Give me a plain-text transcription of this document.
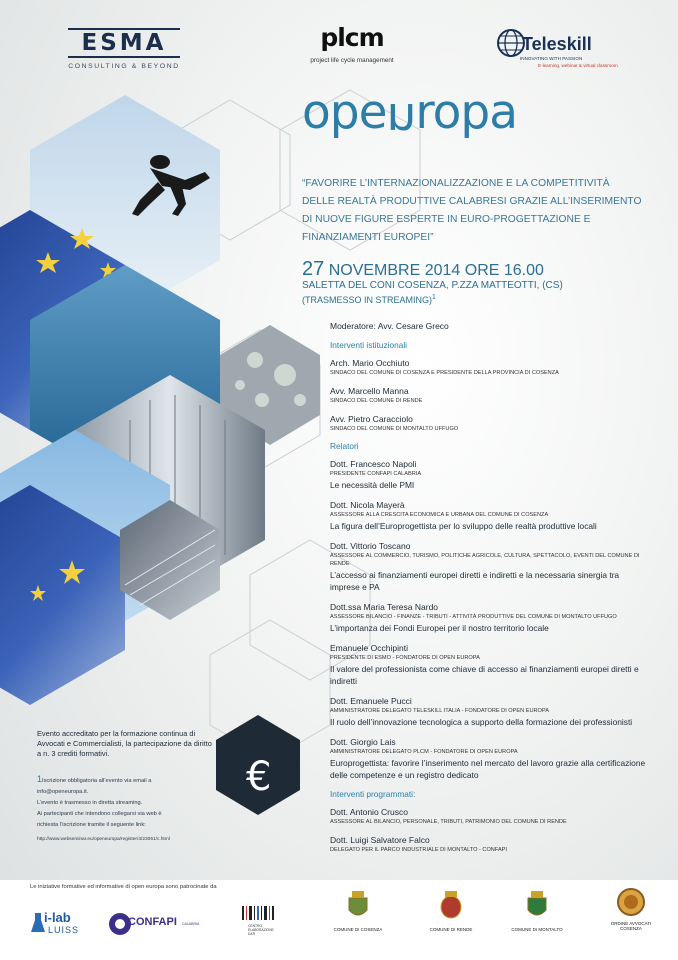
€
ESMA
CONSULTING & BEYOND
plcm
project life cycle management
Teleskill
INNOVATING WITH PASSION
E-learning, webinar & virtual classroom
openropa
“FAVORIRE L’INTERNAZIONALIZZAZIONE E LA COMPETITIVITÀ DELLE REALTÀ PRODUTTIVE CALABRESI GRAZIE ALL’INSERIMENTO DI NUOVE FIGURE ESPERTE IN EURO-PROGETTAZIONE E FINANZIAMENTI EUROPEI”
27 NOVEMBRE 2014 ORE 16.00
SALETTA DEL CONI COSENZA, P.ZZA MATTEOTTI, (CS)
(TRASMESSO IN STREAMING)$^1$
Moderatore: Avv. Cesare Greco
Interventi istituzionali
Arch. Mario Occhiuto
SINDACO DEL COMUNE DI COSENZA E PRESIDENTE DELLA PROVINCIA DI COSENZA
Avv. Marcello Manna
SINDACO DEL COMUNE DI RENDE
Avv. Pietro Caracciolo
SINDACO DEL COMUNE DI MONTALTO UFFUGO
Relatori
Dott. Francesco Napoli
PRESIDENTE CONFAPI CALABRIA
Le necessità delle PMI
Dott. Nicola Mayerà
ASSESSORE ALLA CRESCITA ECONOMICA E URBANA DEL COMUNE DI COSENZA
La figura dell’Europrogettista per lo sviluppo delle realtà produttive locali
Dott. Vittorio Toscano
ASSESSORE AL COMMERCIO, TURISMO, POLITICHE AGRICOLE, CULTURA, SPETTACOLO, EVENTI DEL COMUNE DI RENDE
L’accesso ai finanziamenti europei diretti e indiretti e la necessaria sinergia tra imprese e PA
Dott.ssa Maria Teresa Nardo
ASSESSORE BILANCIO - FINANZE - TRIBUTI - ATTIVITÀ PRODUTTIVE DEL COMUNE DI MONTALTO UFFUGO
L’importanza dei Fondi Europei per il nostro territorio locale
Emanuele Occhipinti
PRESIDENTE DI ESMO - FONDATORE DI OPEN EUROPA
Il valore del professionista come chiave di accesso ai finanziamenti europei diretti e indiretti
Dott. Emanuele Pucci
AMMINISTRATORE DELEGATO TELESKILL ITALIA - FONDATORE DI OPEN EUROPA
Il ruolo dell’innovazione tecnologica a supporto della formazione dei professionisti
Dott. Giorgio Lais
AMMINISTRATORE DELEGATO PLCM - FONDATORE DI OPEN EUROPA
Europrogettista: favorire l’inserimento nel mercato del lavoro grazie alla certificazione delle competenze e un registro dedicato
Interventi programmati:
Dott. Antonio Crusco
ASSESSORE AL BILANCIO, PERSONALE, TRIBUTI, PATRIMONIO DEL COMUNE DI RENDE
Dott. Luigi Salvatore Falco
DELEGATO PER IL PARCO INDUSTRIALE DI MONTALTO - CONFAPI
Evento accreditato per la formazione continua di Avvocati e Commercialisti, la partecipazione da diritto a n. 3 crediti formativi.
1Iscrizione obbligatoria all’evento via email a
info@openeuropa.it.
L’evento è trasmesso in diretta streaming.
Ai partecipanti che intendono collegarsi via web è
richiesta l’iscrizione tramite il seguente link:
http://www.webseminar.eu/openeuropa/register/4/23051/c.html
Le iniziative formative ed informative di open europa sono patrocinate da
i-lab
LUISS
CONFAPI CALABRIA	CENTRO ELABORAZIONE DATI
COMUNE DI COSENZA	COMUNE DI RENDE	COMUNE DI MONTALTO
ORDINE AVVOCATI
COSENZA
